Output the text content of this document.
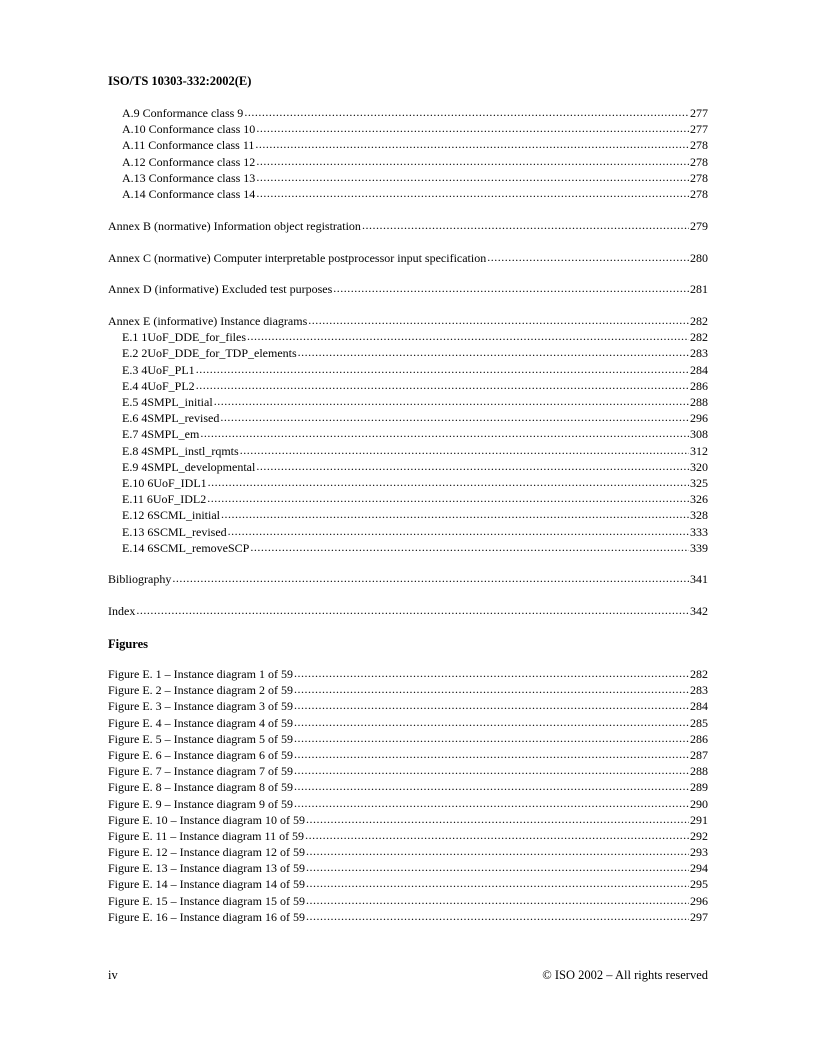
ISO/TS 10303-332:2002(E)
A.9 Conformance class 9 .....	277
A.10 Conformance class 10 .....	277
A.11 Conformance class 11 .....	278
A.12 Conformance class 12 .....	278
A.13 Conformance class 13 .....	278
A.14 Conformance class 14 .....	278
Annex B (normative) Information object registration .....	279
Annex C (normative) Computer interpretable postprocessor input specification .....	280
Annex D (informative) Excluded test purposes .....	281
Annex E (informative) Instance diagrams .....	282
E.1 1UoF_DDE_for_files .....	282
E.2 2UoF_DDE_for_TDP_elements .....	283
E.3 4UoF_PL1 .....	284
E.4 4UoF_PL2 .....	286
E.5 4SMPL_initial .....	288
E.6 4SMPL_revised .....	296
E.7 4SMPL_em .....	308
E.8 4SMPL_instl_rqmts .....	312
E.9 4SMPL_developmental .....	320
E.10 6UoF_IDL1 .....	325
E.11 6UoF_IDL2 .....	326
E.12 6SCML_initial .....	328
E.13 6SCML_revised .....	333
E.14 6SCML_removeSCP .....	339
Bibliography .....	341
Index .....	342
Figures
Figure E. 1 – Instance diagram 1 of 59 .....	282
Figure E. 2 – Instance diagram 2 of 59 .....	283
Figure E. 3 – Instance diagram 3 of 59 .....	284
Figure E. 4 – Instance diagram 4 of 59 .....	285
Figure E. 5 – Instance diagram 5 of 59 .....	286
Figure E. 6 – Instance diagram 6 of 59 .....	287
Figure E. 7 – Instance diagram 7 of 59 .....	288
Figure E. 8 – Instance diagram 8 of 59 .....	289
Figure E. 9 – Instance diagram 9 of 59 .....	290
Figure E. 10 – Instance diagram 10 of 59 .....	291
Figure E. 11 – Instance diagram 11 of 59 .....	292
Figure E. 12 – Instance diagram 12 of 59 .....	293
Figure E. 13 – Instance diagram 13 of 59 .....	294
Figure E. 14 – Instance diagram 14 of 59 .....	295
Figure E. 15 – Instance diagram 15 of 59 .....	296
Figure E. 16 – Instance diagram 16 of 59 .....	297
iv	© ISO 2002 – All rights reserved
